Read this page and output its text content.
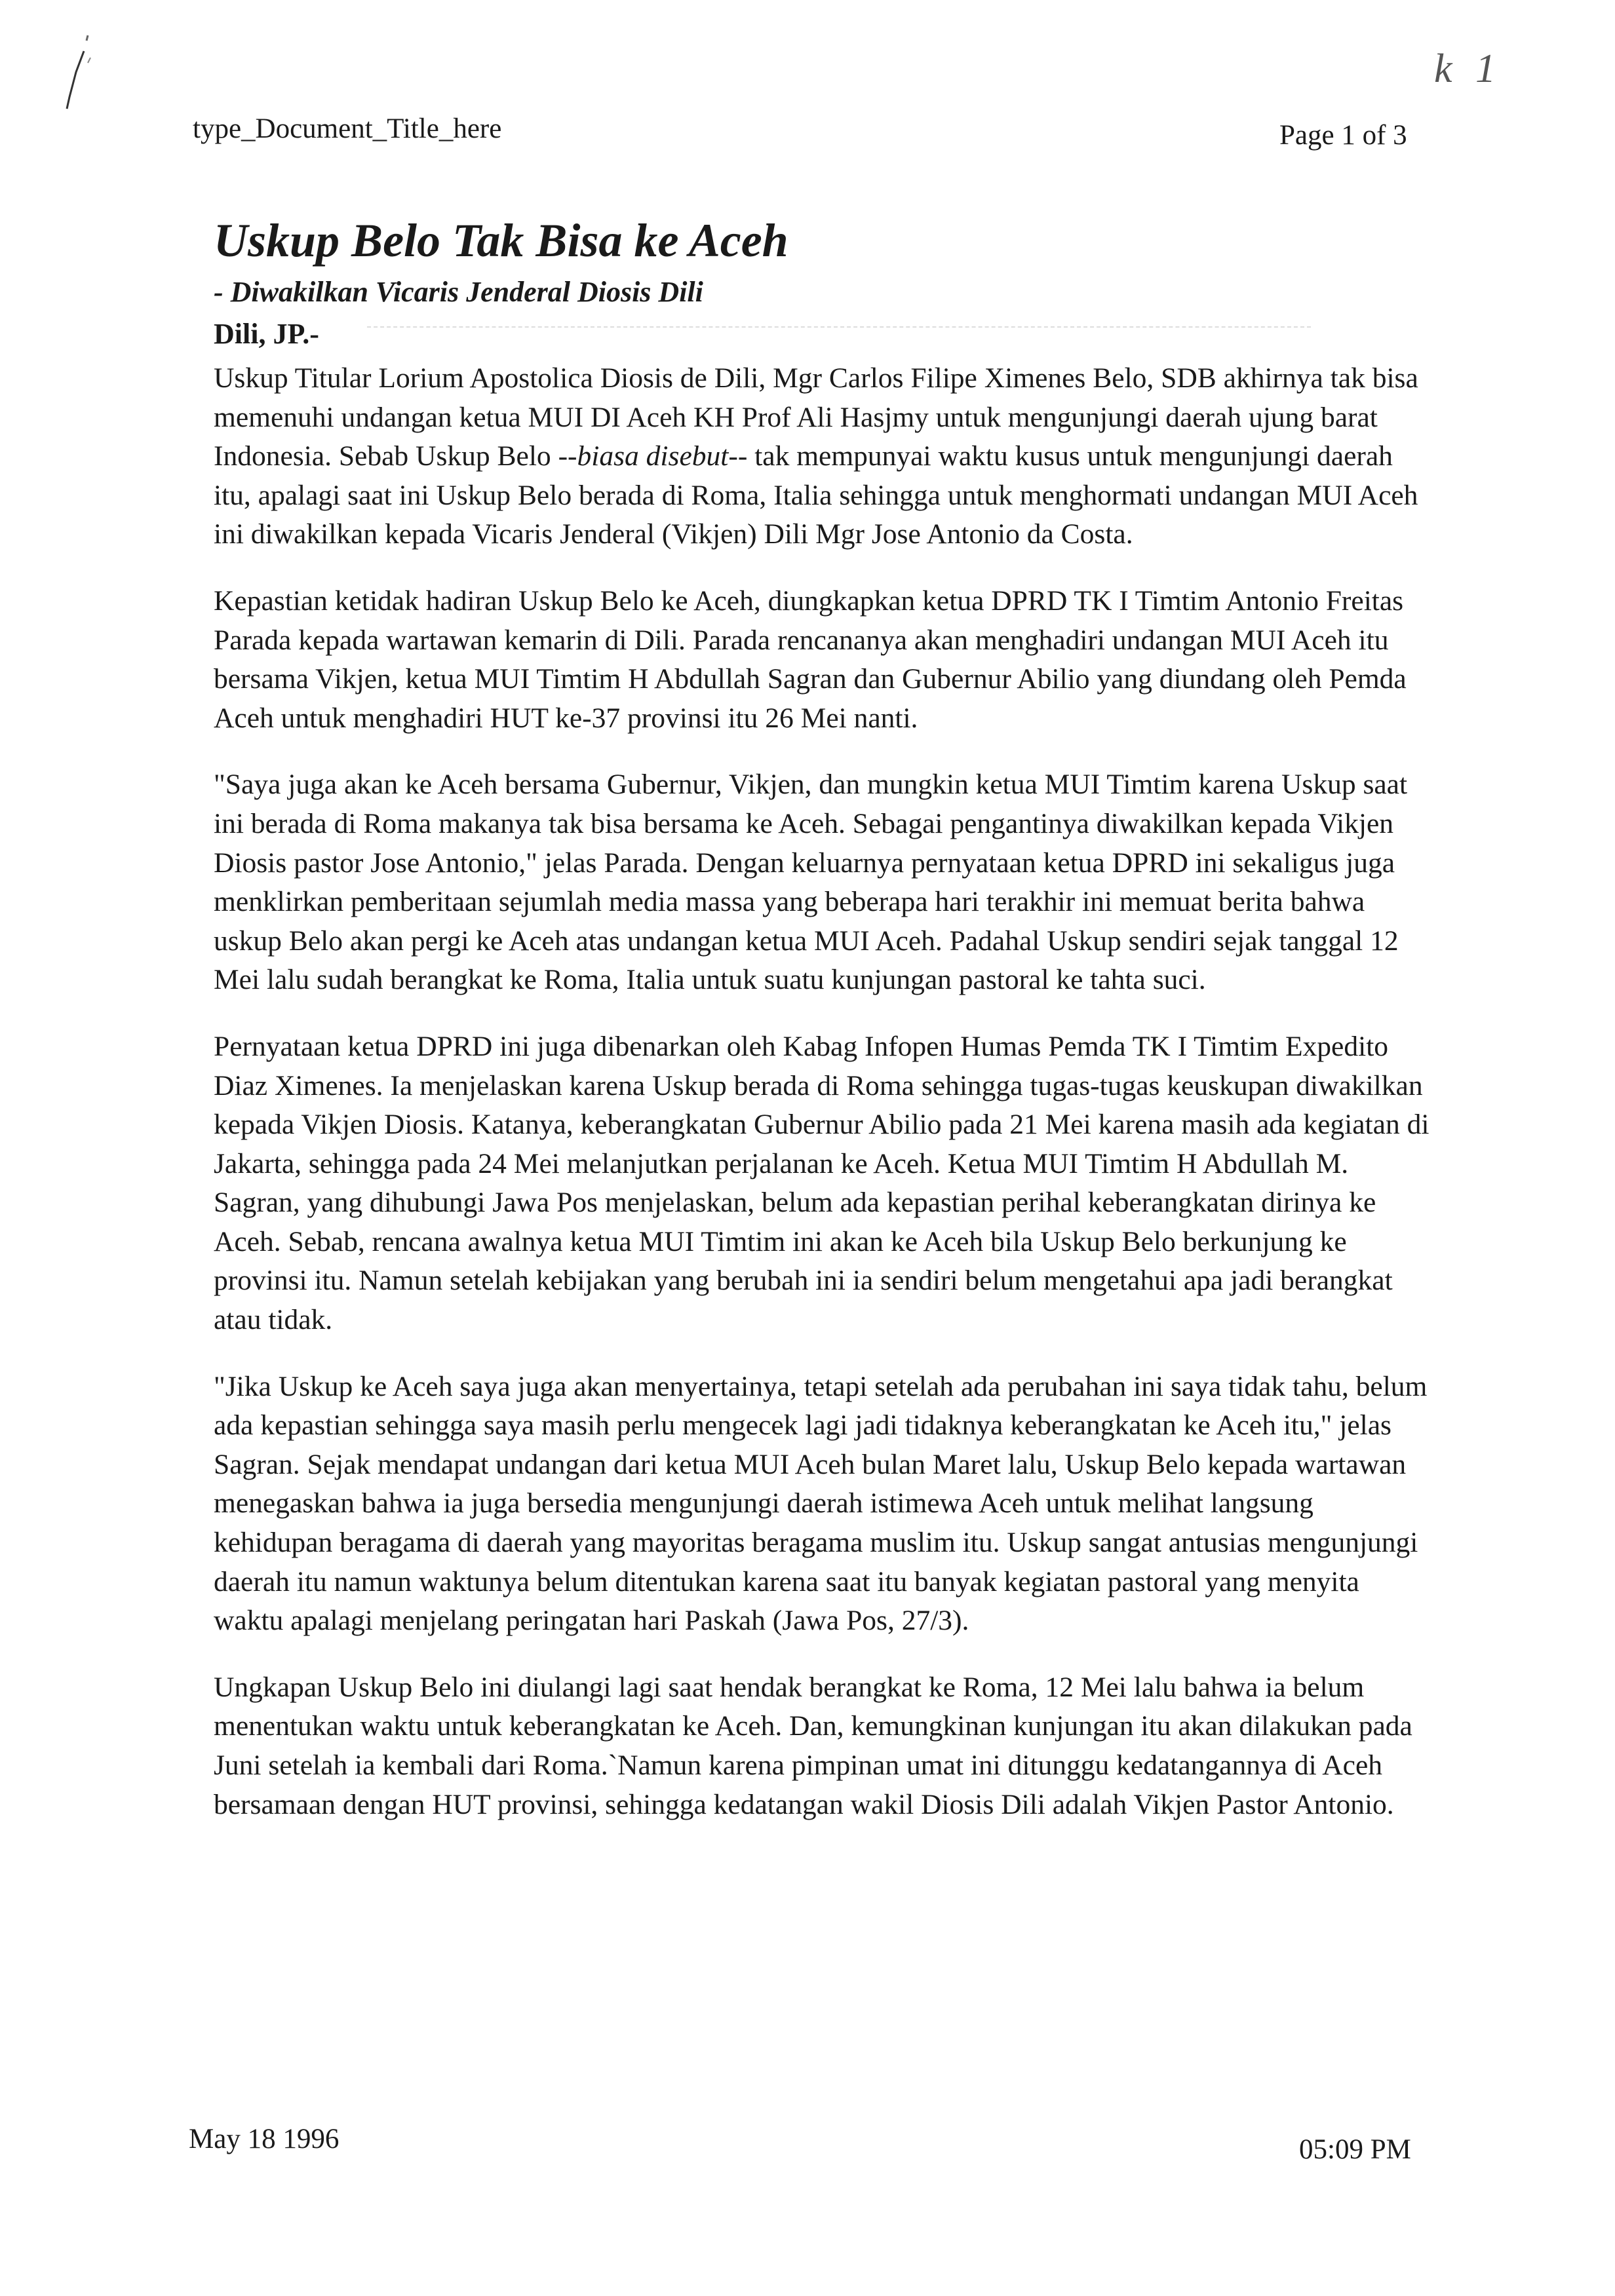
type_Document_Title_here	Page 1 of 3
k 1
Uskup Belo Tak Bisa ke Aceh
- Diwakilkan Vicaris Jenderal Diosis Dili
Dili, JP.-

Uskup Titular Lorium Apostolica Diosis de Dili, Mgr Carlos Filipe Ximenes Belo, SDB akhirnya tak bisa memenuhi undangan ketua MUI DI Aceh KH Prof Ali Hasjmy untuk mengunjungi daerah ujung barat Indonesia. Sebab Uskup Belo --biasa disebut-- tak mempunyai waktu kusus untuk mengunjungi daerah itu, apalagi saat ini Uskup Belo berada di Roma, Italia sehingga untuk menghormati undangan MUI Aceh ini diwakilkan kepada Vicaris Jenderal (Vikjen) Dili Mgr Jose Antonio da Costa.

Kepastian ketidak hadiran Uskup Belo ke Aceh, diungkapkan ketua DPRD TK I Timtim Antonio Freitas Parada kepada wartawan kemarin di Dili. Parada rencananya akan menghadiri undangan MUI Aceh itu bersama Vikjen, ketua MUI Timtim H Abdullah Sagran dan Gubernur Abilio yang diundang oleh Pemda Aceh untuk menghadiri HUT ke-37 provinsi itu 26 Mei nanti.

"Saya juga akan ke Aceh bersama Gubernur, Vikjen, dan mungkin ketua MUI Timtim karena Uskup saat ini berada di Roma makanya tak bisa bersama ke Aceh. Sebagai pengantinya diwakilkan kepada Vikjen Diosis pastor Jose Antonio," jelas Parada. Dengan keluarnya pernyataan ketua DPRD ini sekaligus juga menklirkan pemberitaan sejumlah media massa yang beberapa hari terakhir ini memuat berita bahwa uskup Belo akan pergi ke Aceh atas undangan ketua MUI Aceh. Padahal Uskup sendiri sejak tanggal 12 Mei lalu sudah berangkat ke Roma, Italia untuk suatu kunjungan pastoral ke tahta suci.

Pernyataan ketua DPRD ini juga dibenarkan oleh Kabag Infopen Humas Pemda TK I Timtim Expedito Diaz Ximenes. Ia menjelaskan karena Uskup berada di Roma sehingga tugas-tugas keuskupan diwakilkan kepada Vikjen Diosis. Katanya, keberangkatan Gubernur Abilio pada 21 Mei karena masih ada kegiatan di Jakarta, sehingga pada 24 Mei melanjutkan perjalanan ke Aceh. Ketua MUI Timtim H Abdullah M. Sagran, yang dihubungi Jawa Pos menjelaskan, belum ada kepastian perihal keberangkatan dirinya ke Aceh. Sebab, rencana awalnya ketua MUI Timtim ini akan ke Aceh bila Uskup Belo berkunjung ke provinsi itu. Namun setelah kebijakan yang berubah ini ia sendiri belum mengetahui apa jadi berangkat atau tidak.

"Jika Uskup ke Aceh saya juga akan menyertainya, tetapi setelah ada perubahan ini saya tidak tahu, belum ada kepastian sehingga saya masih perlu mengecek lagi jadi tidaknya keberangkatan ke Aceh itu," jelas Sagran. Sejak mendapat undangan dari ketua MUI Aceh bulan Maret lalu, Uskup Belo kepada wartawan menegaskan bahwa ia juga bersedia mengunjungi daerah istimewa Aceh untuk melihat langsung kehidupan beragama di daerah yang mayoritas beragama muslim itu. Uskup sangat antusias mengunjungi daerah itu namun waktunya belum ditentukan karena saat itu banyak kegiatan pastoral yang menyita waktu apalagi menjelang peringatan hari Paskah (Jawa Pos, 27/3).

Ungkapan Uskup Belo ini diulangi lagi saat hendak berangkat ke Roma, 12 Mei lalu bahwa ia belum menentukan waktu untuk keberangkatan ke Aceh. Dan, kemungkinan kunjungan itu akan dilakukan pada Juni setelah ia kembali dari Roma.`Namun karena pimpinan umat ini ditunggu kedatangannya di Aceh bersamaan dengan HUT provinsi, sehingga kedatangan wakil Diosis Dili adalah Vikjen Pastor Antonio.

May 18 1996	05:09 PM
